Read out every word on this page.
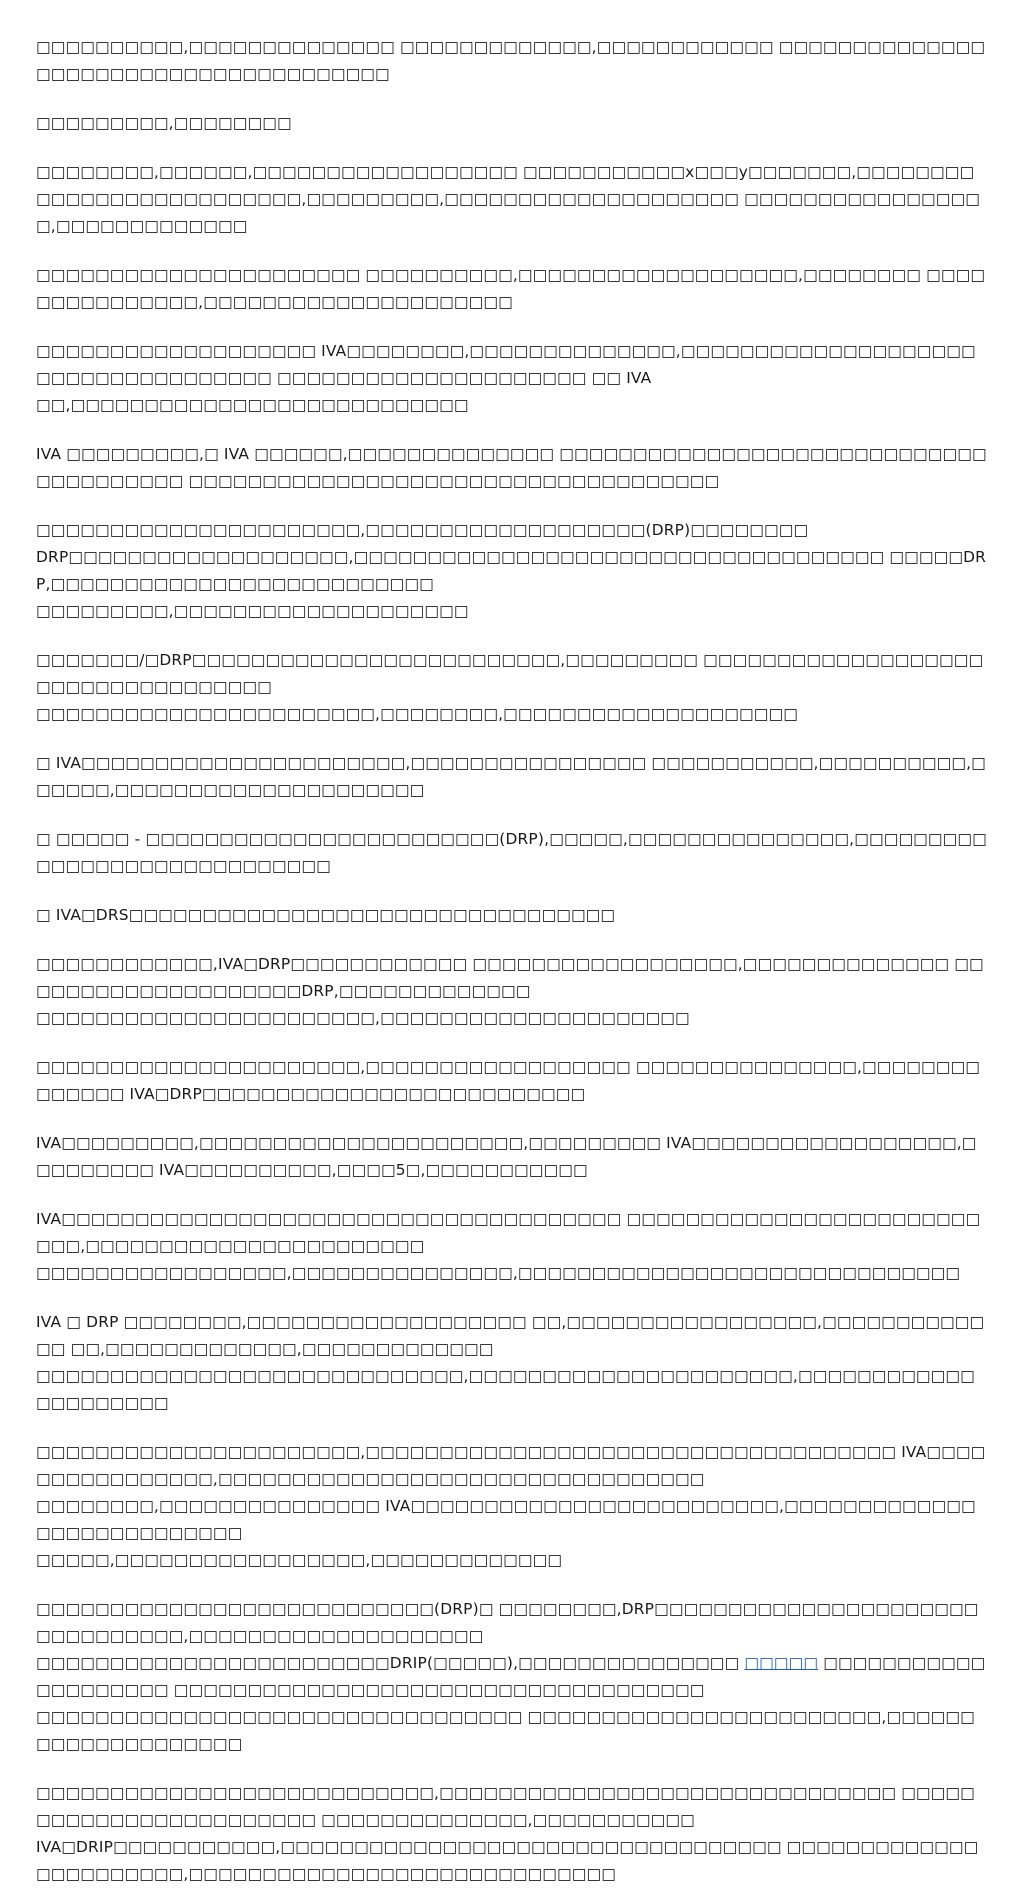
□□□□□□□□□□,□□□□□□□□□□□□□□ □□□□□□□□□□□□□,□□□□□□□□□□□□ □□□□□□□□□□□□□□□□□□□□□□□□□□□□□□□□□□□□□□

□□□□□□□□□,□□□□□□□□

□□□□□□□□,□□□□□□,□□□□□□□□□□□□□□□□□□ □□□□□□□□□□□x□□□y□□□□□□□,□□□□□□□□
□□□□□□□□□□□□□□□□□□,□□□□□□□□□,□□□□□□□□□□□□□□□□□□□□ □□□□□□□□□□□□□□□□□,□□□□□□□□□□□□□

□□□□□□□□□□□□□□□□□□□□□□ □□□□□□□□□□,□□□□□□□□□□□□□□□□□□□,□□□□□□□□ □□□□□□□□□□□□□□□,□□□□□□□□□□□□□□□□□□□□□

□□□□□□□□□□□□□□□□□□□ IVA□□□□□□□□,□□□□□□□□□□□□□□,□□□□□□□□□□□□□□□□□□□□□□□□□□□□□□□□□□□□ □□□□□□□□□□□□□□□□□□□□□ □□ IVA
□□,□□□□□□□□□□□□□□□□□□□□□□□□□□□

IVA □□□□□□□□□,□ IVA □□□□□□,□□□□□□□□□□□□□□ □□□□□□□□□□□□□□□□□□□□□□□□□□□□□□□□□□□□□□□ □□□□□□□□□□□□□□□□□□□□□□□□□□□□□□□□□□□□

□□□□□□□□□□□□□□□□□□□□□□,□□□□□□□□□□□□□□□□□□□(DRP)□□□□□□□□
DRP□□□□□□□□□□□□□□□□□□□,□□□□□□□□□□□□□□□□□□□□□□□□□□□□□□□□□□□□ □□□□□DRP,□□□□□□□□□□□□□□□□□□□□□□□□□□
□□□□□□□□□,□□□□□□□□□□□□□□□□□□□□

□□□□□□□/□DRP□□□□□□□□□□□□□□□□□□□□□□□□□,□□□□□□□□□ □□□□□□□□□□□□□□□□□□□□□□□□□□□□□□□□□□□
□□□□□□□□□□□□□□□□□□□□□□□,□□□□□□□□,□□□□□□□□□□□□□□□□□□□□

□ IVA□□□□□□□□□□□□□□□□□□□□□□,□□□□□□□□□□□□□□□□ □□□□□□□□□□□,□□□□□□□□□□,□□□□□□,□□□□□□□□□□□□□□□□□□□□□

□ □□□□□ - □□□□□□□□□□□□□□□□□□□□□□□□(DRP),□□□□□,□□□□□□□□□□□□□□□,□□□□□□□□□□□□□□□□□□□□□□□□□□□□□

□ IVA□DRS□□□□□□□□□□□□□□□□□□□□□□□□□□□□□□□□□

□□□□□□□□□□□□,IVA□DRP□□□□□□□□□□□□ □□□□□□□□□□□□□□□□□□,□□□□□□□□□□□□□□ □□□□□□□□□□□□□□□□□□□□DRP,□□□□□□□□□□□□□
□□□□□□□□□□□□□□□□□□□□□□□,□□□□□□□□□□□□□□□□□□□□□

□□□□□□□□□□□□□□□□□□□□□□,□□□□□□□□□□□□□□□□□□ □□□□□□□□□□□□□□□,□□□□□□□□□□□□□□ IVA□DRP□□□□□□□□□□□□□□□□□□□□□□□□□□

IVA□□□□□□□□□,□□□□□□□□□□□□□□□□□□□□□□,□□□□□□□□□ IVA□□□□□□□□□□□□□□□□□□,□□□□□□□□□ IVA□□□□□□□□□□,□□□□5□,□□□□□□□□□□□

IVA□□□□□□□□□□□□□□□□□□□□□□□□□□□□□□□□□□□□□□ □□□□□□□□□□□□□□□□□□□□□□□□□□□,□□□□□□□□□□□□□□□□□□□□□□□
□□□□□□□□□□□□□□□□□,□□□□□□□□□□□□□□□,□□□□□□□□□□□□□□□□□□□□□□□□□□□□□□

IVA □ DRP □□□□□□□□,□□□□□□□□□□□□□□□□□□□ □□,□□□□□□□□□□□□□□□□□,□□□□□□□□□□□□□ □□,□□□□□□□□□□□□□,□□□□□□□□□□□□□
□□□□□□□□□□□□□□□□□□□□□□□□□□□□□,□□□□□□□□□□□□□□□□□□□□□□,□□□□□□□□□□□□□□□□□□□□□

□□□□□□□□□□□□□□□□□□□□□□,□□□□□□□□□□□□□□□□□□□□□□□□□□□□□□□□□□□□ IVA□□□□□□□□□□□□□□□□,□□□□□□□□□□□□□□□□□□□□□□□□□□□□□□□□□
□□□□□□□□,□□□□□□□□□□□□□□□ IVA□□□□□□□□□□□□□□□□□□□□□□□□□,□□□□□□□□□□□□□□□□□□□□□□□□□□□
□□□□□,□□□□□□□□□□□□□□□□□,□□□□□□□□□□□□□

□□□□□□□□□□□□□□□□□□□□□□□□□□□(DRP)□ □□□□□□□□,DRP□□□□□□□□□□□□□□□□□□□□□□□□□□□□□□□□,□□□□□□□□□□□□□□□□□□□□
□□□□□□□□□□□□□□□□□□□□□□□□DRIP(□□□□□),□□□□□□□□□□□□□□□ □□□□□ □□□□□□□□□□□□□□□□□□□□ □□□□□□□□□□□□□□□□□□□□□□□□□□□□□□□□□□□□
□□□□□□□□□□□□□□□□□□□□□□□□□□□□□□□□□ □□□□□□□□□□□□□□□□□□□□□□□□,□□□□□□□□□□□□□□□□□□□□

□□□□□□□□□□□□□□□□□□□□□□□□□□□,□□□□□□□□□□□□□□□□□□□□□□□□□□□□□□□ □□□□□□□□□□□□□□□□□□□□□□□□ □□□□□□□□□□□□□□,□□□□□□□□□□□
IVA□DRIP□□□□□□□□□□□,□□□□□□□□□□□□□□□□□□□□□□□□□□□□□□□□□□ □□□□□□□□□□□□□□□□□□□□□□□,□□□□□□□□□□□□□□□□□□□□□□□□□□□□□
